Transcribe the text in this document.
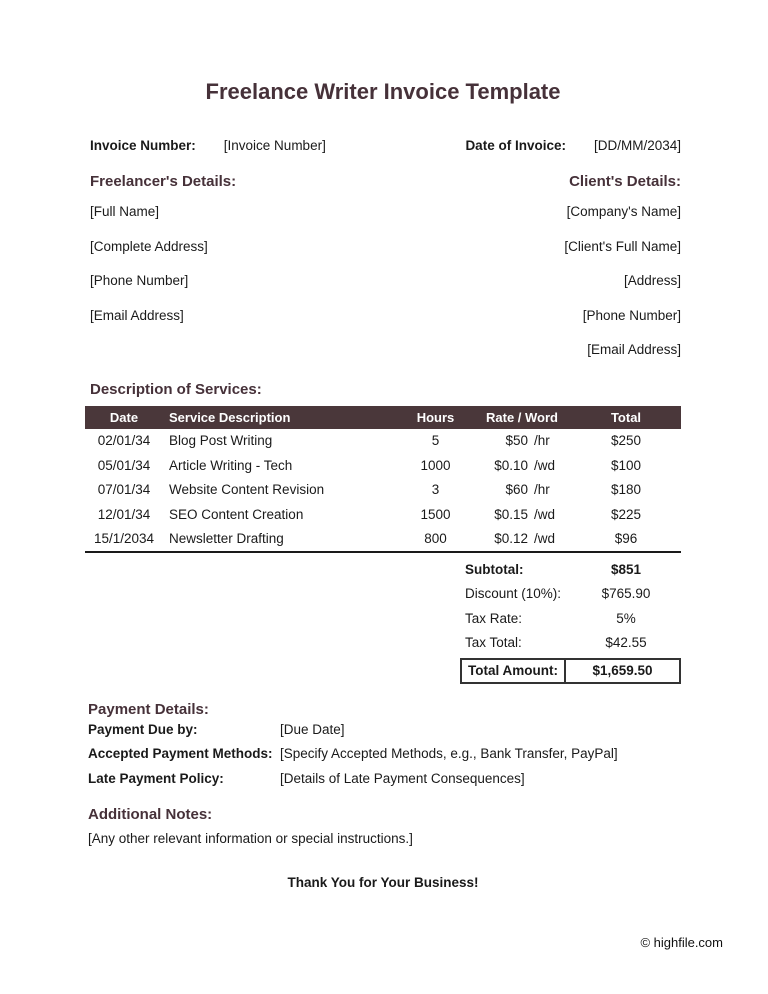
Freelance Writer Invoice Template
Invoice Number: [Invoice Number]	Date of Invoice: [DD/MM/2034]
Freelancer's Details:
[Full Name]
[Complete Address]
[Phone Number]
[Email Address]
Client's Details:
[Company's Name]
[Client's Full Name]
[Address]
[Phone Number]
[Email Address]
Description of Services:
Date	Service Description	Hours	Rate / Word	Total
02/01/34	Blog Post Writing	5	$50 /hr	$250
05/01/34	Article Writing - Tech	1000	$0.10 /wd	$100
07/01/34	Website Content Revision	3	$60 /hr	$180
12/01/34	SEO Content Creation	1500	$0.15 /wd	$225
15/1/2034	Newsletter Drafting	800	$0.12 /wd	$96
Subtotal:	$851
Discount (10%):	$765.90
Tax Rate:	5%
Tax Total:	$42.55
Total Amount:	$1,659.50
Payment Details:
Payment Due by:	[Due Date]
Accepted Payment Methods: [Specify Accepted Methods, e.g., Bank Transfer, PayPal]
Late Payment Policy:	[Details of Late Payment Consequences]
Additional Notes:
[Any other relevant information or special instructions.]
Thank You for Your Business!
© highfile.com
